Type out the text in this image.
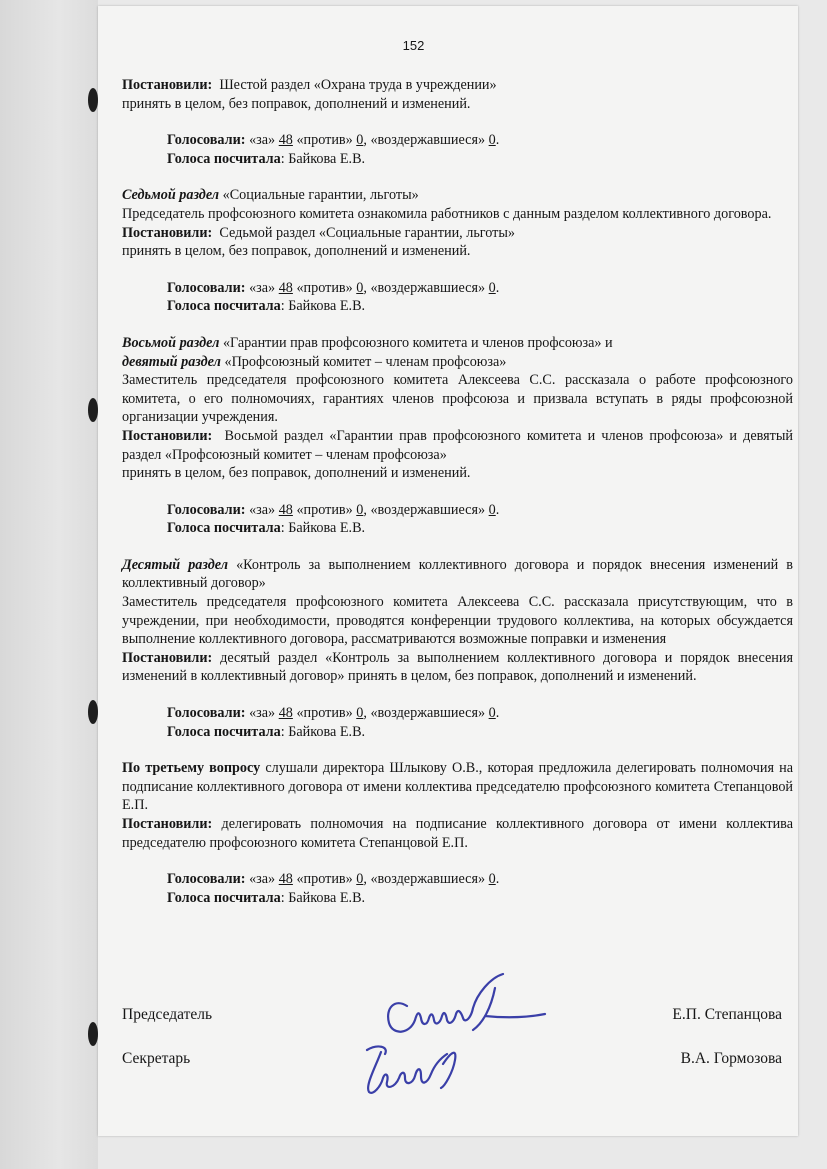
152

Постановили: Шестой раздел «Охрана труда в учреждении»

принять в целом, без поправок, дополнений и изменений.

Голосовали: «за» 48 «против» 0, «воздержавшиеся» 0.

Голоса посчитала: Байкова Е.В.

Седьмой раздел «Социальные гарантии, льготы»

Председатель профсоюзного комитета ознакомила работников с данным разделом коллективного договора.

Постановили: Седьмой раздел «Социальные гарантии, льготы»

принять в целом, без поправок, дополнений и изменений.

Голосовали: «за» 48 «против» 0, «воздержавшиеся» 0.

Голоса посчитала: Байкова Е.В.

Восьмой раздел «Гарантии прав профсоюзного комитета и членов профсоюза» и

девятый раздел «Профсоюзный комитет – членам профсоюза»

Заместитель председателя профсоюзного комитета Алексеева С.С. рассказала о работе профсоюзного комитета, о его полномочиях, гарантиях членов профсоюза и призвала вступать в ряды профсоюзной организации учреждения.

Постановили: Восьмой раздел «Гарантии прав профсоюзного комитета и членов профсоюза» и девятый раздел «Профсоюзный комитет – членам профсоюза»

принять в целом, без поправок, дополнений и изменений.

Голосовали: «за» 48 «против» 0, «воздержавшиеся» 0.

Голоса посчитала: Байкова Е.В.

Десятый раздел «Контроль за выполнением коллективного договора и порядок внесения изменений в коллективный договор»

Заместитель председателя профсоюзного комитета Алексеева С.С. рассказала присутствующим, что в учреждении, при необходимости, проводятся конференции трудового коллектива, на которых обсуждается выполнение коллективного договора, рассматриваются возможные поправки и изменения

Постановили: десятый раздел «Контроль за выполнением коллективного договора и порядок внесения изменений в коллективный договор» принять в целом, без поправок, дополнений и изменений.

Голосовали: «за» 48 «против» 0, «воздержавшиеся» 0.

Голоса посчитала: Байкова Е.В.

По третьему вопросу слушали директора Шлыкову О.В., которая предложила делегировать полномочия на подписание коллективного договора от имени коллектива председателю профсоюзного комитета Степанцовой Е.П.

Постановили: делегировать полномочия на подписание коллективного договора от имени коллектива председателю профсоюзного комитета Степанцовой Е.П.

Голосовали: «за» 48 «против» 0, «воздержавшиеся» 0.

Голоса посчитала: Байкова Е.В.

Председатель	Е.П. Степанцова
Секретарь	В.А. Гормозова
